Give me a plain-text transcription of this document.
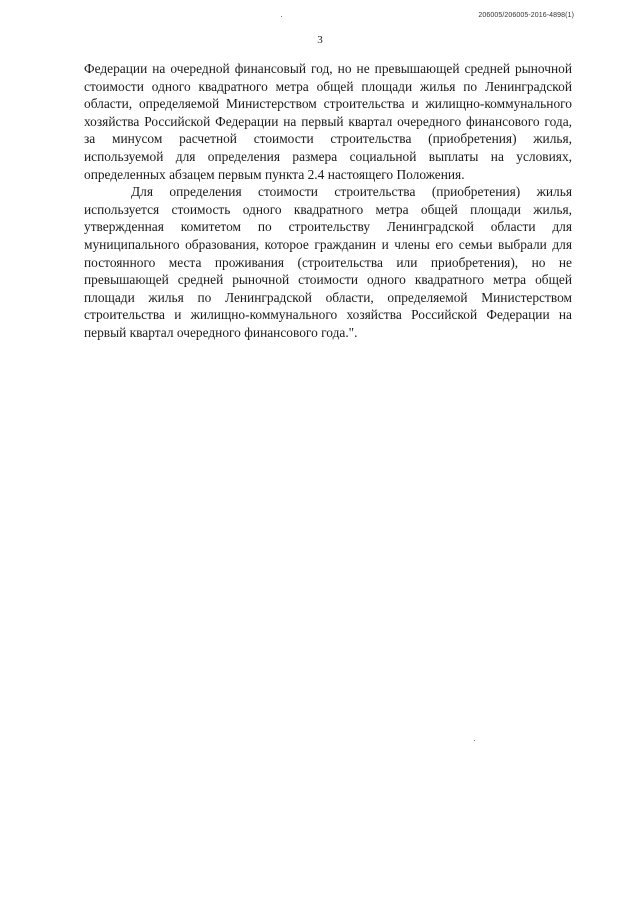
206005/206005-2016-4898(1)
3

Федерации на очередной финансовый год, но не превышающей средней рыночной стоимости одного квадратного метра общей площади жилья по Ленинградской области, определяемой Министерством строительства и жилищно-коммунального хозяйства Российской Федерации на первый квартал очередного финансового года, за минусом расчетной стоимости строительства (приобретения) жилья, используемой для определения размера социальной выплаты на условиях, определенных абзацем первым пункта 2.4 настоящего Положения.

Для определения стоимости строительства (приобретения) жилья используется стоимость одного квадратного метра общей площади жилья, утвержденная комитетом по строительству Ленинградской области для муниципального образования, которое гражданин и члены его семьи выбрали для постоянного места проживания (строительства или приобретения), но не превышающей средней рыночной стоимости одного квадратного метра общей площади жилья по Ленинградской области, определяемой Министерством строительства и жилищно-коммунального хозяйства Российской Федерации на первый квартал очередного финансового года.".
